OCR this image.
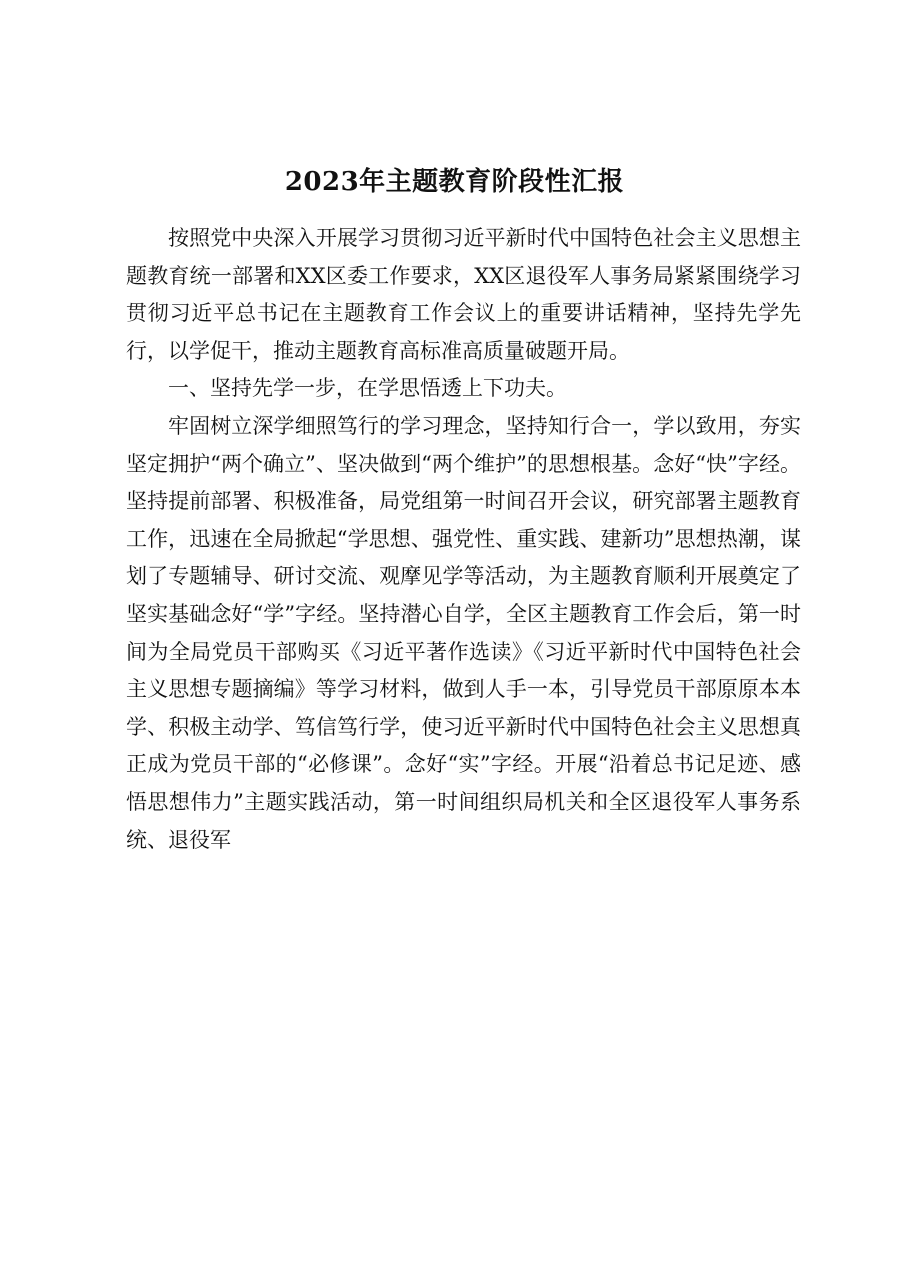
2023年主题教育阶段性汇报

按照党中央深入开展学习贯彻习近平新时代中国特色社会主义思想主题教育统一部署和XX区委工作要求，XX区退役军人事务局紧紧围绕学习贯彻习近平总书记在主题教育工作会议上的重要讲话精神，坚持先学先行，以学促干，推动主题教育高标准高质量破题开局。

一、坚持先学一步，在学思悟透上下功夫。

牢固树立深学细照笃行的学习理念，坚持知行合一，学以致用，夯实坚定拥护“两个确立”、坚决做到“两个维护”的思想根基。念好“快”字经。坚持提前部署、积极准备，局党组第一时间召开会议，研究部署主题教育工作，迅速在全局掀起“学思想、强党性、重实践、建新功”思想热潮，谋划了专题辅导、研讨交流、观摩见学等活动，为主题教育顺利开展奠定了坚实基础念好“学”字经。坚持潜心自学，全区主题教育工作会后，第一时间为全局党员干部购买《习近平著作选读》《习近平新时代中国特色社会主义思想专题摘编》等学习材料，做到人手一本，引导党员干部原原本本学、积极主动学、笃信笃行学，使习近平新时代中国特色社会主义思想真正成为党员干部的“必修课”。念好“实”字经。开展“沿着总书记足迹、感悟思想伟力”主题实践活动，第一时间组织局机关和全区退役军人事务系统、退役军
